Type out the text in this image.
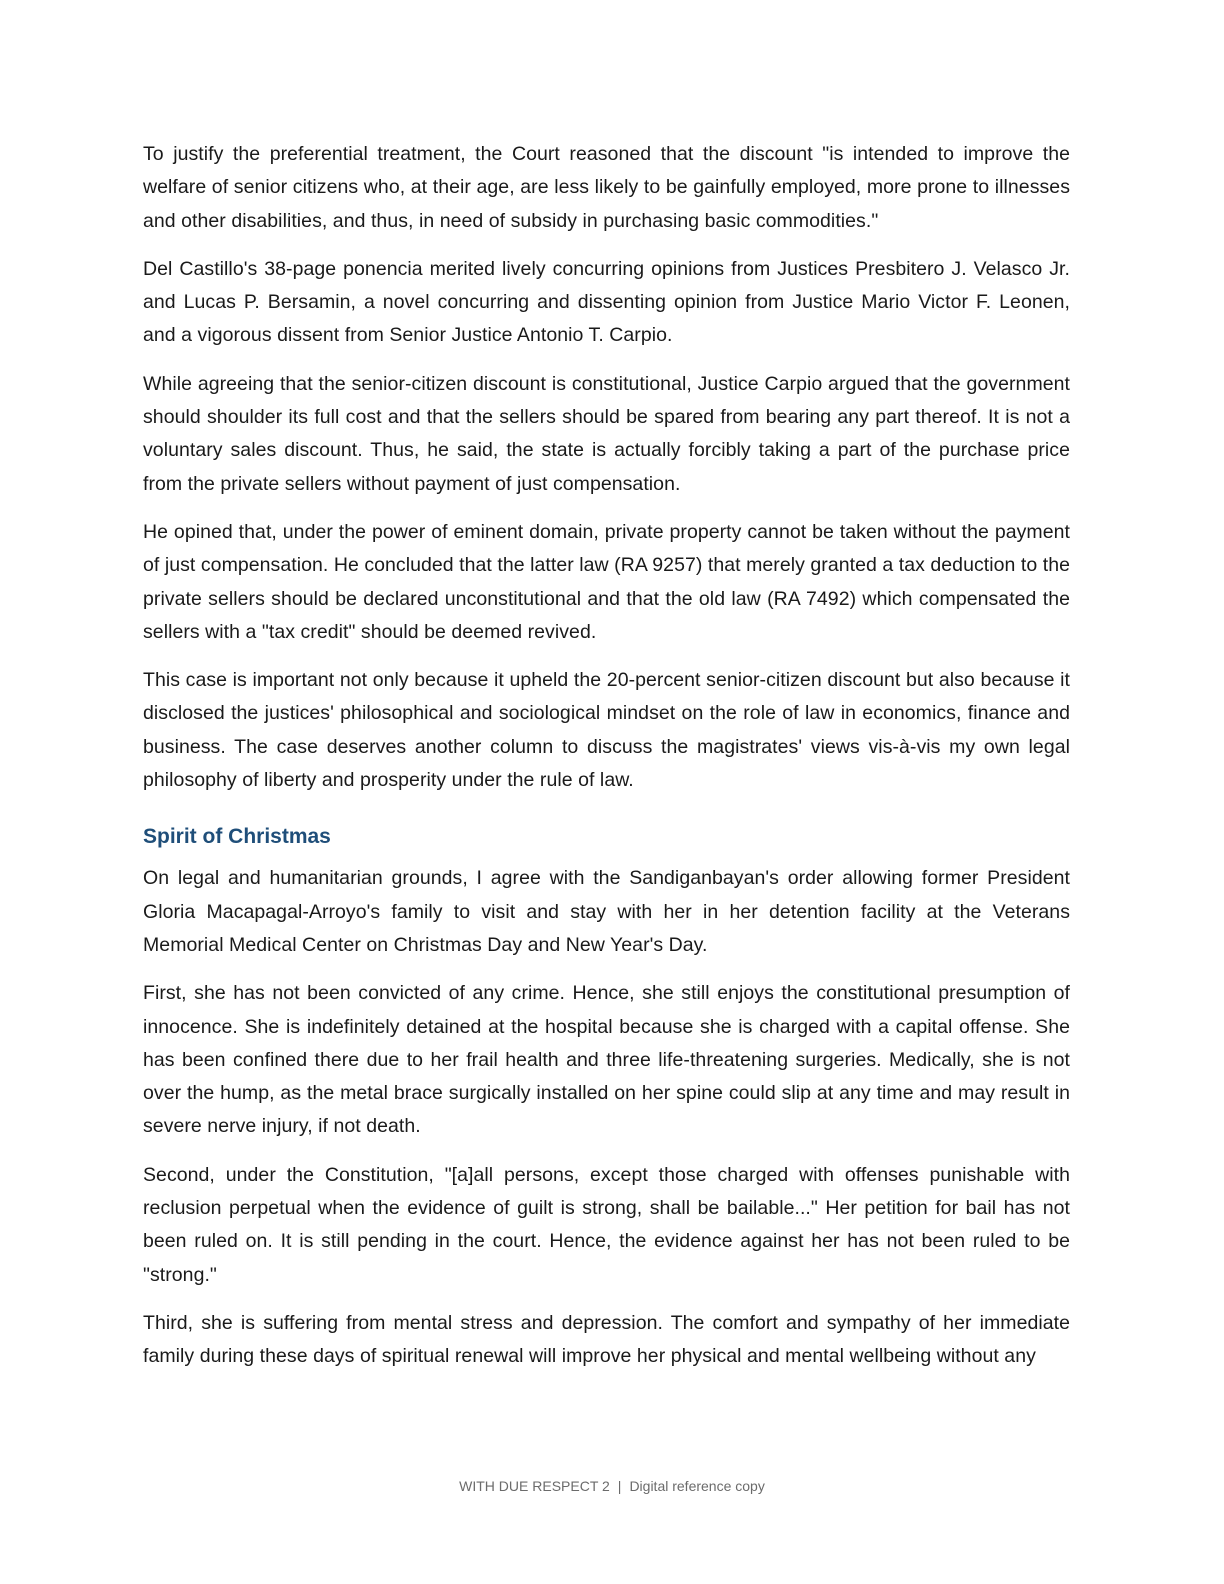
To justify the preferential treatment, the Court reasoned that the discount "is intended to improve the welfare of senior citizens who, at their age, are less likely to be gainfully employed, more prone to illnesses and other disabilities, and thus, in need of subsidy in purchasing basic commodities."

Del Castillo's 38-page ponencia merited lively concurring opinions from Justices Presbitero J. Velasco Jr. and Lucas P. Bersamin, a novel concurring and dissenting opinion from Justice Mario Victor F. Leonen, and a vigorous dissent from Senior Justice Antonio T. Carpio.

While agreeing that the senior-citizen discount is constitutional, Justice Carpio argued that the government should shoulder its full cost and that the sellers should be spared from bearing any part thereof. It is not a voluntary sales discount. Thus, he said, the state is actually forcibly taking a part of the purchase price from the private sellers without payment of just compensation.

He opined that, under the power of eminent domain, private property cannot be taken without the payment of just compensation. He concluded that the latter law (RA 9257) that merely granted a tax deduction to the private sellers should be declared unconstitutional and that the old law (RA 7492) which compensated the sellers with a "tax credit" should be deemed revived.

This case is important not only because it upheld the 20-percent senior-citizen discount but also because it disclosed the justices' philosophical and sociological mindset on the role of law in economics, finance and business. The case deserves another column to discuss the magistrates' views vis-à-vis my own legal philosophy of liberty and prosperity under the rule of law.

Spirit of Christmas

On legal and humanitarian grounds, I agree with the Sandiganbayan's order allowing former President Gloria Macapagal-Arroyo's family to visit and stay with her in her detention facility at the Veterans Memorial Medical Center on Christmas Day and New Year's Day.

First, she has not been convicted of any crime. Hence, she still enjoys the constitutional presumption of innocence. She is indefinitely detained at the hospital because she is charged with a capital offense. She has been confined there due to her frail health and three life-threatening surgeries. Medically, she is not over the hump, as the metal brace surgically installed on her spine could slip at any time and may result in severe nerve injury, if not death.

Second, under the Constitution, "[a]all persons, except those charged with offenses punishable with reclusion perpetual when the evidence of guilt is strong, shall be bailable..." Her petition for bail has not been ruled on. It is still pending in the court. Hence, the evidence against her has not been ruled to be "strong."

Third, she is suffering from mental stress and depression. The comfort and sympathy of her immediate family during these days of spiritual renewal will improve her physical and mental wellbeing without any

WITH DUE RESPECT 2 | Digital reference copy
